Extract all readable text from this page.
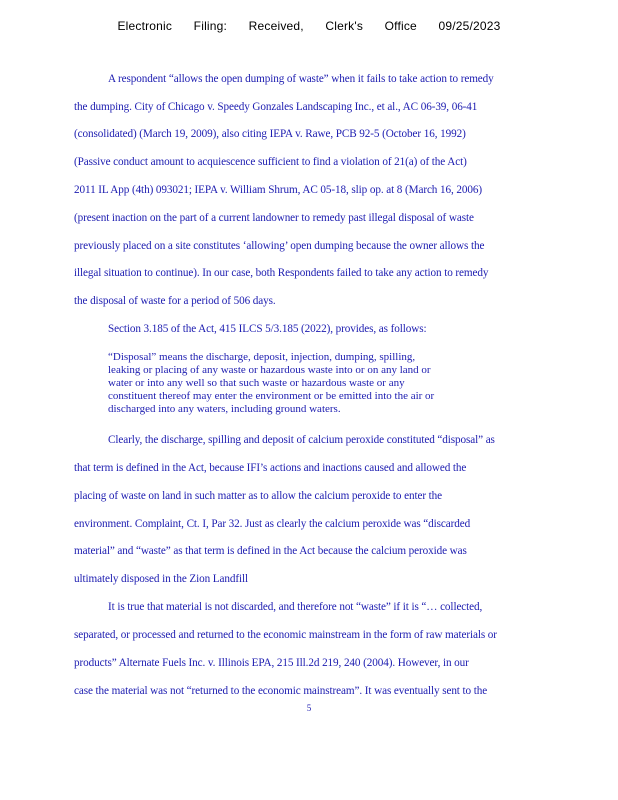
Electronic Filing: Received, Clerk's Office 09/25/2023
A respondent “allows the open dumping of waste” when it fails to take action to remedy
the dumping. City of Chicago v. Speedy Gonzales Landscaping Inc., et al., AC 06-39, 06-41
(consolidated) (March 19, 2009), also citing IEPA v. Rawe, PCB 92-5 (October 16, 1992)
(Passive conduct amount to acquiescence sufficient to find a violation of 21(a) of the Act)
2011 IL App (4th) 093021; IEPA v. William Shrum, AC 05-18, slip op. at 8 (March 16, 2006)
(present inaction on the part of a current landowner to remedy past illegal disposal of waste
previously placed on a site constitutes ‘allowing’ open dumping because the owner allows the
illegal situation to continue). In our case, both Respondents failed to take any action to remedy
the disposal of waste for a period of 506 days.
Section 3.185 of the Act, 415 ILCS 5/3.185 (2022), provides, as follows:
“Disposal” means the discharge, deposit, injection, dumping, spilling,
leaking or placing of any waste or hazardous waste into or on any land or
water or into any well so that such waste or hazardous waste or any
constituent thereof may enter the environment or be emitted into the air or
discharged into any waters, including ground waters.
Clearly, the discharge, spilling and deposit of calcium peroxide constituted “disposal” as
that term is defined in the Act, because IFI’s actions and inactions caused and allowed the
placing of waste on land in such matter as to allow the calcium peroxide to enter the
environment. Complaint, Ct. I, Par 32. Just as clearly the calcium peroxide was “discarded
material” and “waste” as that term is defined in the Act because the calcium peroxide was
ultimately disposed in the Zion Landfill
It is true that material is not discarded, and therefore not “waste” if it is “… collected,
separated, or processed and returned to the economic mainstream in the form of raw materials or
products” Alternate Fuels Inc. v. Illinois EPA, 215 Ill.2d 219, 240 (2004). However, in our
case the material was not “returned to the economic mainstream”. It was eventually sent to the
5
